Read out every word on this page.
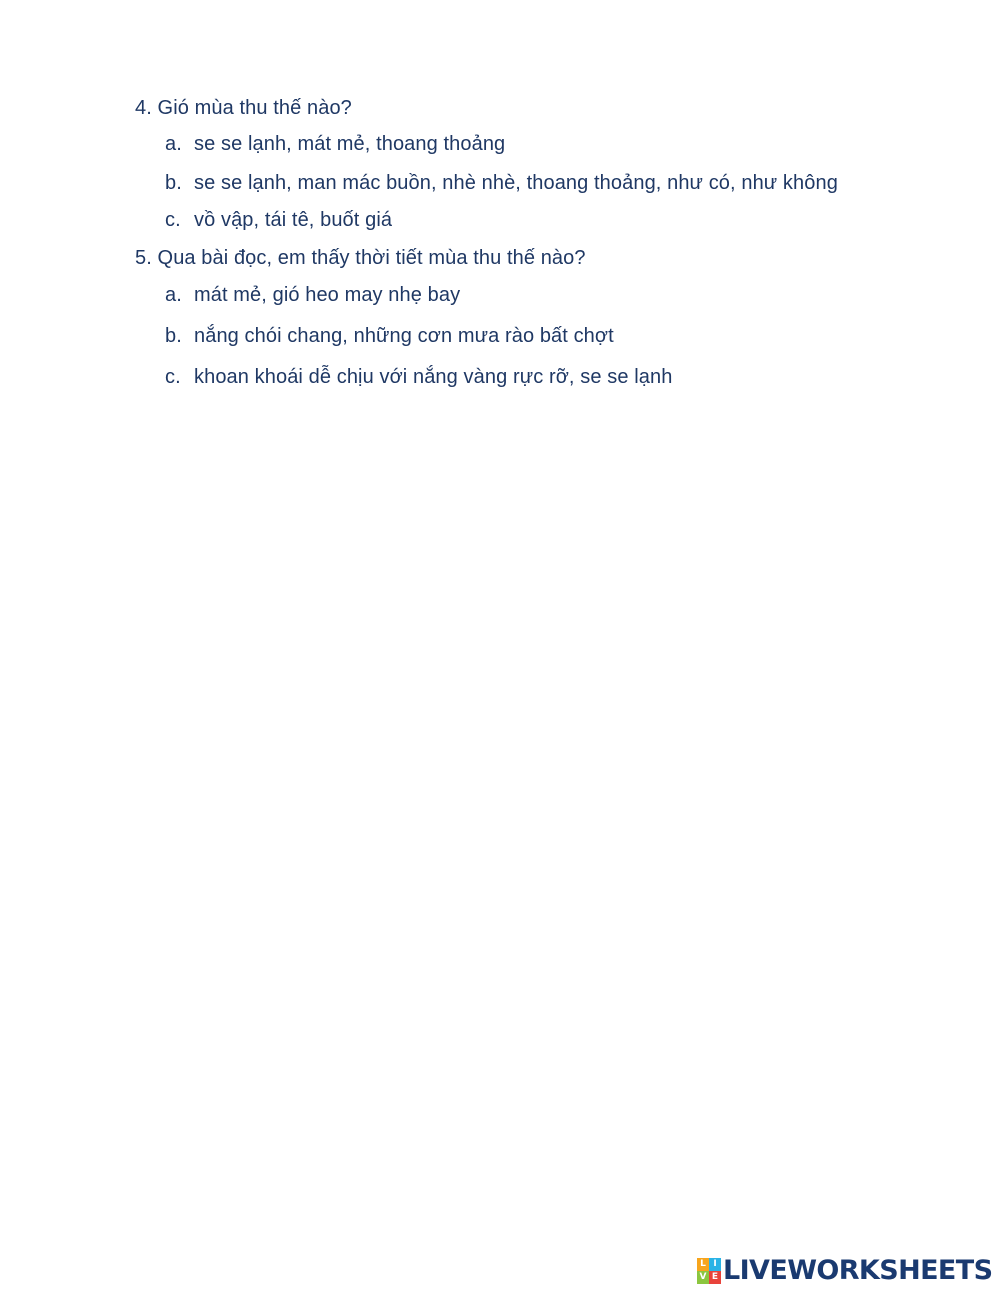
4. Gió mùa thu thế nào?
a. se se lạnh, mát mẻ, thoang thoảng
b. se se lạnh, man mác buồn, nhè nhè, thoang thoảng, như có, như không
c. vồ vập, tái tê, buốt giá
5. Qua bài đọc, em thấy thời tiết mùa thu thế nào?
a. mát mẻ, gió heo may nhẹ bay
b. nắng chói chang, những cơn mưa rào bất chợt
c. khoan khoái dễ chịu với nắng vàng rực rỡ, se se lạnh
L I
V E LIVEWORKSHEETS
